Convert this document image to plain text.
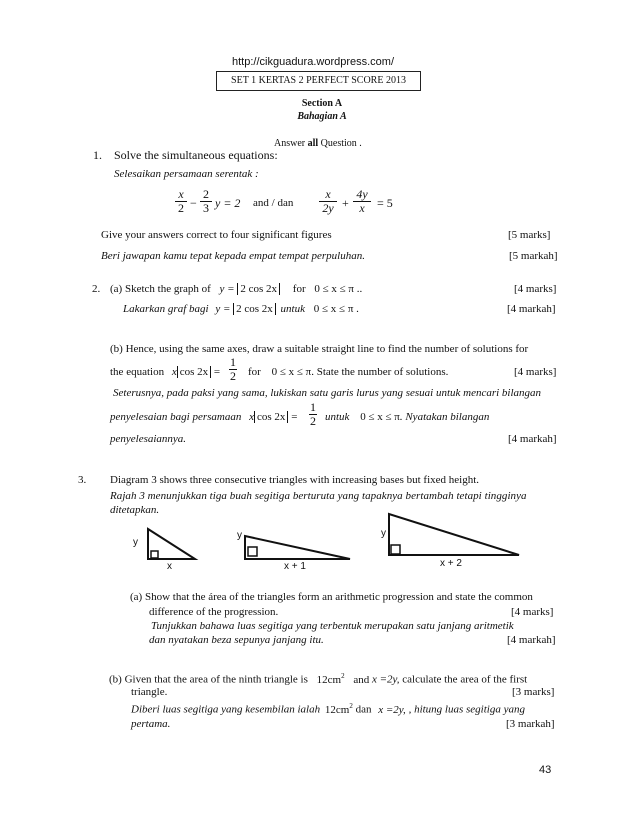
http://cikguadura.wordpress.com/
SET 1 KERTAS 2 PERFECT SCORE 2013
Section A
Bahagian A
Answer all Question .
1. Solve the simultaneous equations:
Selesaikan persamaan serentak :
x
2 −
2
3 y = 2 and / dan
x
2y +
4y
x	= 5
Give your answers correct to four significant figures	[5 marks]
Beri jawapan kamu tepat kepada empat tempat perpuluhan.	[5 markah]
2. (a) Sketch the graph of y = 2 cos 2x for 0 ≤ x ≤ π ..	[4 marks]
Lakarkan graf bagi y = 2 cos 2x untuk 0 ≤ x ≤ π .	[4 markah]
(b) Hence, using the same axes, draw a suitable straight line to find the number of solutions for
the equation x cos 2x =
1
2 for 0 ≤ x ≤ π. State the number of solutions.	[4 marks]
Seterusnya, pada paksi yang sama, lukiskan satu garis lurus yang sesuai untuk mencari bilangan
penyelesaian bagi persamaan x cos 2x =
1
2 untuk 0 ≤ x ≤ π. Nyatakan bilangan
penyelesaiannya.	[4 markah]
3. Diagram 3 shows three consecutive triangles with increasing bases but fixed height.
Rajah 3 menunjukkan tiga buah segitiga berturuta yang tapaknya bertambah tetapi tingginya
ditetapkan.
y
x
y
x + 1
y
x + 2
(a) Show that the área of the triangles form an arithmetic progression and state the common
difference of the progression.	[4 marks]
Tunjukkan bahawa luas segitiga yang terbentuk merupakan satu janjang aritmetik
dan nyatakan beza sepunya janjang itu.	[4 markah]
(b) Given that the area of the ninth triangle is $12cm^2$ and x =2y, calculate the area of the first
triangle.	[3 marks]
Diberi luas segitiga yang kesembilan ialah $12cm^2$ dan x =2y, , hitung luas segitiga yang
pertama.	[3 markah]
43
